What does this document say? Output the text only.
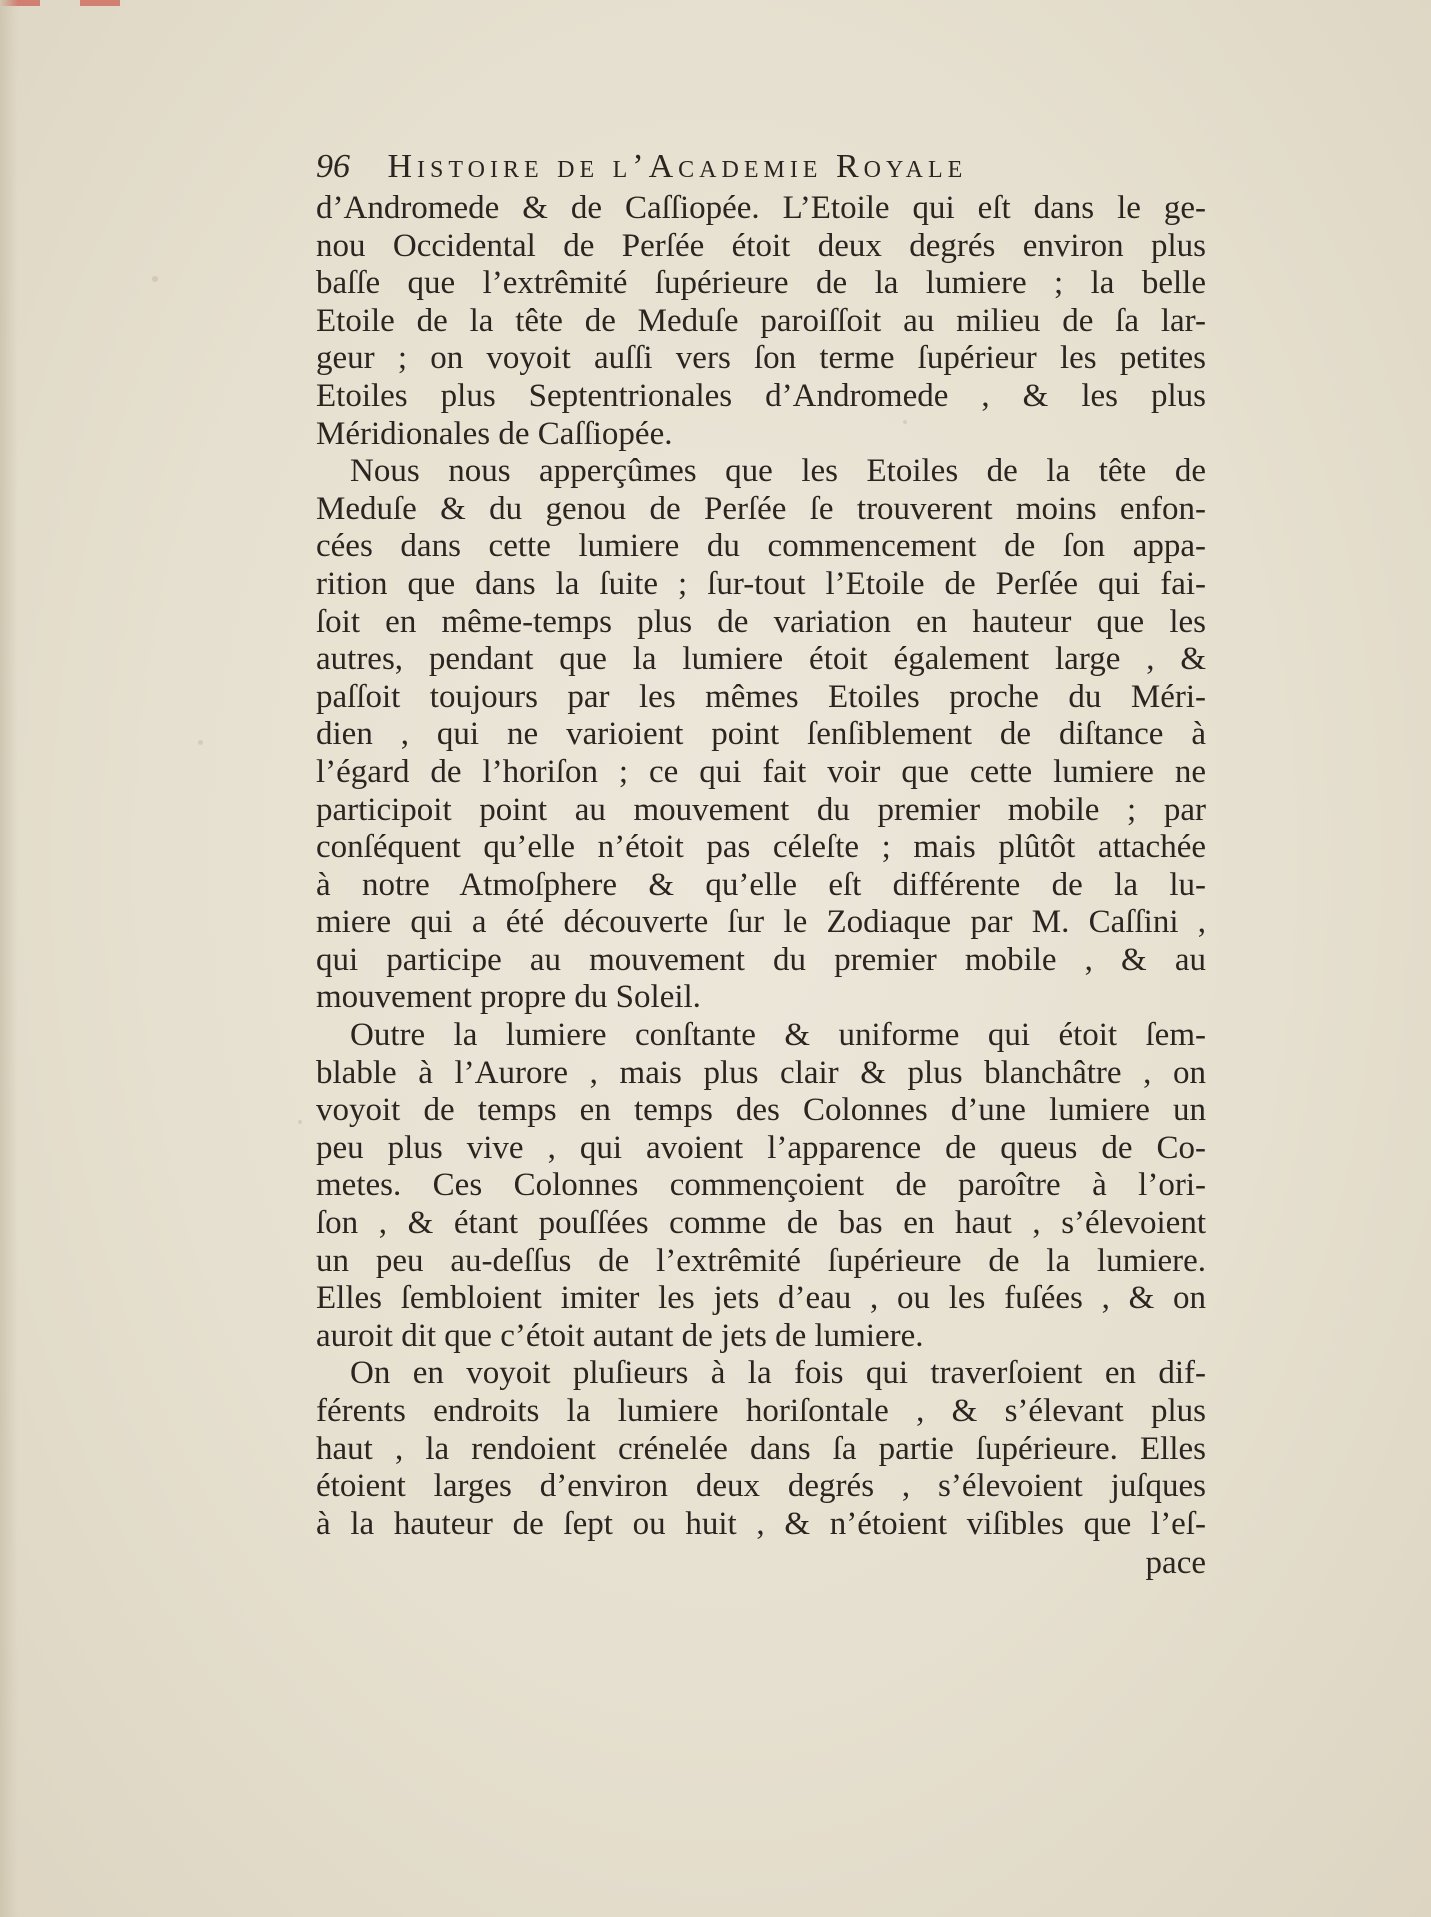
96 Histoire de l’Academie Royale
d’Andromede & de Caſſiopée. L’Etoile qui eſt dans le ge-
nou Occidental de Perſée étoit deux degrés environ plus
baſſe que l’extrêmité ſupérieure de la lumiere ; la belle
Etoile de la tête de Meduſe paroiſſoit au milieu de ſa lar-
geur ; on voyoit auſſi vers ſon terme ſupérieur les petites
Etoiles plus Septentrionales d’Andromede , & les plus
Méridionales de Caſſiopée.
Nous nous apperçûmes que les Etoiles de la tête de
Meduſe & du genou de Perſée ſe trouverent moins enfon-
cées dans cette lumiere du commencement de ſon appa-
rition que dans la ſuite ; ſur-tout l’Etoile de Perſée qui fai-
ſoit en même-temps plus de variation en hauteur que les
autres, pendant que la lumiere étoit également large , &
paſſoit toujours par les mêmes Etoiles proche du Méri-
dien , qui ne varioient point ſenſiblement de diſtance à
l’égard de l’horiſon ; ce qui fait voir que cette lumiere ne
participoit point au mouvement du premier mobile ; par
conſéquent qu’elle n’étoit pas céleſte ; mais plûtôt attachée
à notre Atmoſphere & qu’elle eſt différente de la lu-
miere qui a été découverte ſur le Zodiaque par M. Caſſini ,
qui participe au mouvement du premier mobile , & au
mouvement propre du Soleil.
Outre la lumiere conſtante & uniforme qui étoit ſem-
blable à l’Aurore , mais plus clair & plus blanchâtre , on
voyoit de temps en temps des Colonnes d’une lumiere un
peu plus vive , qui avoient l’apparence de queus de Co-
metes. Ces Colonnes commençoient de paroître à l’ori-
ſon , & étant pouſſées comme de bas en haut , s’élevoient
un peu au-deſſus de l’extrêmité ſupérieure de la lumiere.
Elles ſembloient imiter les jets d’eau , ou les fuſées , & on
auroit dit que c’étoit autant de jets de lumiere.
On en voyoit pluſieurs à la fois qui traverſoient en dif-
férents endroits la lumiere horiſontale , & s’élevant plus
haut , la rendoient crénelée dans ſa partie ſupérieure. Elles
étoient larges d’environ deux degrés , s’élevoient juſques
à la hauteur de ſept ou huit , & n’étoient viſibles que l’eſ-
pace
